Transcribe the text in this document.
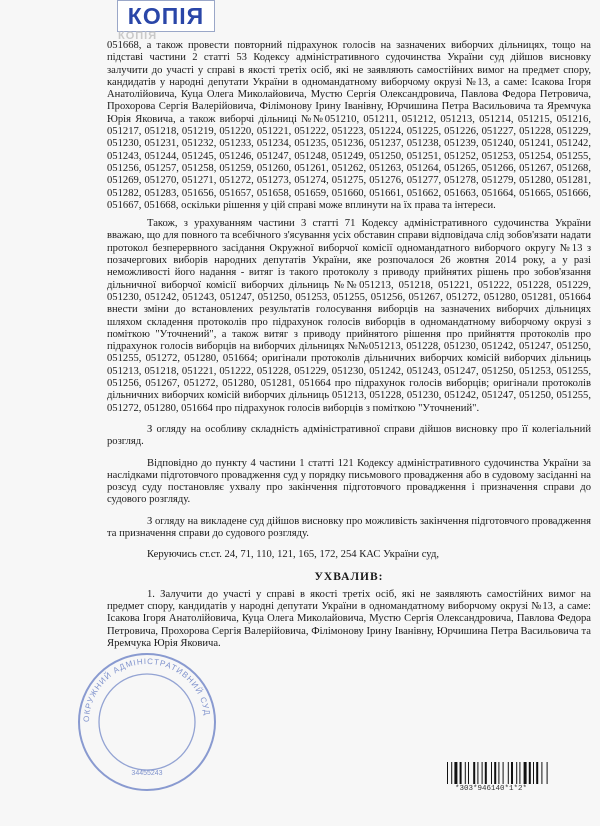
КОПІЯ
КОПІЯ

051668, а також провести повторний підрахунок голосів на зазначених виборчих дільницях, тощо на підставі частини 2 статті 53 Кодексу адміністративного судочинства України суд дійшов висновку залучити до участі у справі в якості третіх осіб, які не заявляють самостійних вимог на предмет спору, кандидатів у народні депутати України в одномандатному виборчому окрузі №13, а саме: Ісакова Ігоря Анатолійовича, Куца Олега Миколайовича, Мустю Сергія Олександровича, Павлова Федора Петровича, Прохорова Сергія Валерійовича, Філімонову Ірину Іванівну, Юрчишина Петра Васильовича та Яремчука Юрія Яковича, а також виборчі дільниці №№051210, 051211, 051212, 051213, 051214, 051215, 051216, 051217, 051218, 051219, 051220, 051221, 051222, 051223, 051224, 051225, 051226, 051227, 051228, 051229, 051230, 051231, 051232, 051233, 051234, 051235, 051236, 051237, 051238, 051239, 051240, 051241, 051242, 051243, 051244, 051245, 051246, 051247, 051248, 051249, 051250, 051251, 051252, 051253, 051254, 051255, 051256, 051257, 051258, 051259, 051260, 051261, 051262, 051263, 051264, 051265, 051266, 051267, 051268, 051269, 051270, 051271, 051272, 051273, 051274, 051275, 051276, 051277, 051278, 051279, 051280, 051281, 051282, 051283, 051656, 051657, 051658, 051659, 051660, 051661, 051662, 051663, 051664, 051665, 051666, 051667, 051668, оскільки рішення у цій справі може вплинути на їх права та інтереси.

Також, з урахуванням частини 3 статті 71 Кодексу адміністративного судочинства України вважаю, що для повного та всебічного з'ясування усіх обставин справи відповідача слід зобов'язати надати протокол безперервного засідання Окружної виборчої комісії одномандатного виборчого округу №13 з позачергових виборів народних депутатів України, яке розпочалося 26 жовтня 2014 року, а у разі неможливості його надання - витяг із такого протоколу з приводу прийнятих рішень про зобов'язання дільничної виборчої комісії виборчих дільниць №№051213, 051218, 051221, 051222, 051228, 051229, 051230, 051242, 051243, 051247, 051250, 051253, 051255, 051256, 051267, 051272, 051280, 051281, 051664 внести зміни до встановлених результатів голосування виборців на зазначених виборчих дільницях шляхом складення протоколів про підрахунок голосів виборців в одномандатному виборчому окрузі з поміткою "Уточнений", а також витяг з приводу прийнятого рішення про прийняття протоколів про підрахунок голосів виборців на виборчих дільницях №№051213, 051228, 051230, 051242, 051247, 051250, 051255, 051272, 051280, 051664; оригінали протоколів дільничних виборчих комісій виборчих дільниць 051213, 051218, 051221, 051222, 051228, 051229, 051230, 051242, 051243, 051247, 051250, 051253, 051255, 051256, 051267, 051272, 051280, 051281, 051664 про підрахунок голосів виборців; оригінали протоколів дільничних виборчих комісій виборчих дільниць 051213, 051228, 051230, 051242, 051247, 051250, 051255, 051272, 051280, 051664 про підрахунок голосів виборців з поміткою "Уточнений".

З огляду на особливу складність адміністративної справи дійшов висновку про її колегіальний розгляд.

Відповідно до пункту 4 частини 1 статті 121 Кодексу адміністративного судочинства України за наслідками підготовчого провадження суд у порядку письмового провадження або в судовому засіданні на розсуд суду постановляє ухвалу про закінчення підготовчого провадження і призначення справи до судового розгляду.

З огляду на викладене суд дійшов висновку про можливість закінчення підготовчого провадження та призначення справи до судового розгляду.

Керуючись ст.ст. 24, 71, 110, 121, 165, 172, 254 КАС України суд,

УХВАЛИВ:

1. Залучити до участі у справі в якості третіх осіб, які не заявляють самостійних вимог на предмет спору, кандидатів у народні депутати України в одномандатному виборчому окрузі №13, а саме: Ісакова Ігоря Анатолійовича, Куца Олега Миколайовича, Мустю Сергія Олександровича, Павлова Федора Петровича, Прохорова Сергія Валерійовича, Філімонову Ірину Іванівну, Юрчишина Петра Васильовича та Яремчука Юрія Яковича.

ОКРУЖНИЙ АДМІНІСТРАТИВНИЙ СУД
34455243
*303*946140*1*2*
